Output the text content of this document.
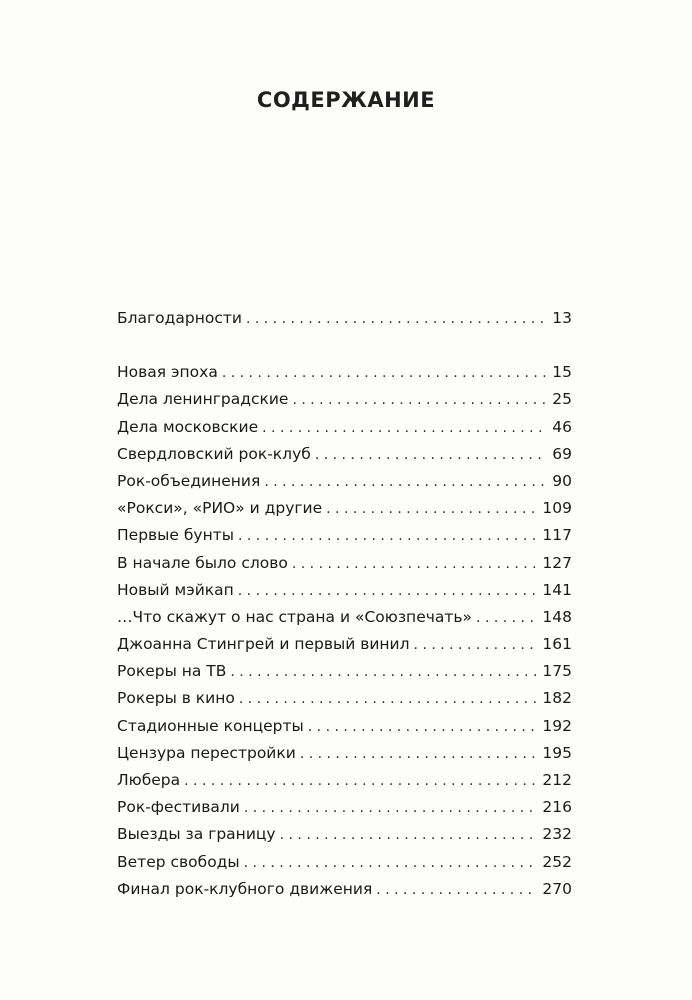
СОДЕРЖАНИЕ
Благодарности . . .	13
Новая эпоха . . .	15
Дела ленинградские . . .	25
Дела московские . . .	46
Свердловский рок-клуб . . .	69
Рок-объединения . . .	90
«Рокси», «РИО» и другие . . .	109
Первые бунты . . .	117
В начале было слово . . .	127
Новый мэйкап . . .	141
…Что скажут о нас страна и «Союзпечать» . . .	148
Джоанна Стингрей и первый винил . . .	161
Рокеры на ТВ . . .	175
Рокеры в кино . . .	182
Стадионные концерты . . .	192
Цензура перестройки . . .	195
Любера . . .	212
Рок-фестивали . . .	216
Выезды за границу . . .	232
Ветер свободы . . .	252
Финал рок-клубного движения . . .	270
